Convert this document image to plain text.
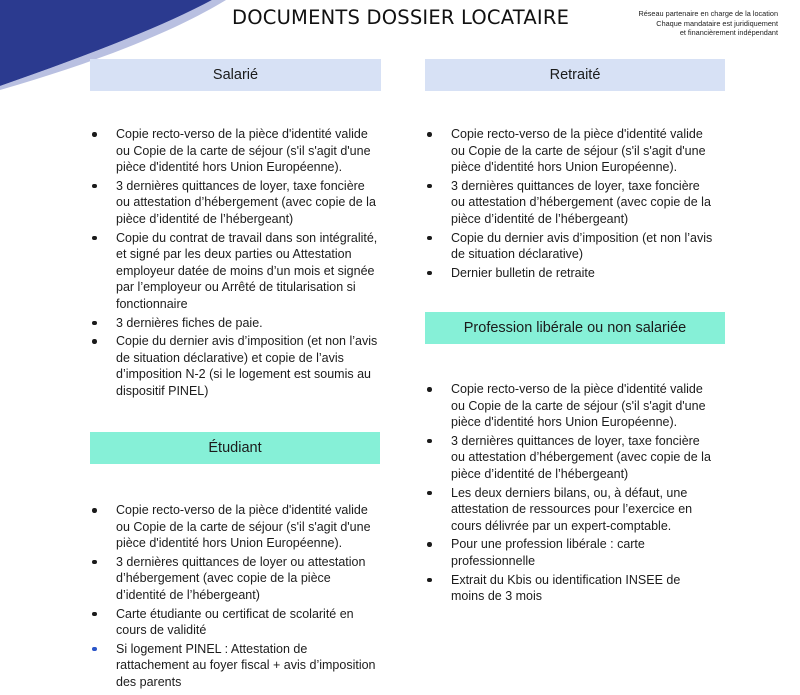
DOCUMENTS DOSSIER LOCATAIRE	Réseau partenaire en charge de la location
Chaque mandataire est juridiquement
et financièrement indépendant
Salarié
Copie recto-verso de la pièce d'identité valide ou Copie de la carte de séjour (s'il s'agit d'une pièce d'identité hors Union Européenne).
3 dernières quittances de loyer, taxe foncière ou attestation d’hébergement (avec copie de la pièce d’identité de l’hébergeant)
Copie du contrat de travail dans son intégralité, et signé par les deux parties ou Attestation employeur datée de moins d’un mois et signée par l’employeur ou Arrêté de titularisation si fonctionnaire
3 dernières fiches de paie.
Copie du dernier avis d’imposition (et non l’avis de situation déclarative) et copie de l’avis d’imposition N-2 (si le logement est soumis au dispositif PINEL)
Retraité
Copie recto-verso de la pièce d'identité valide ou Copie de la carte de séjour (s'il s'agit d'une pièce d'identité hors Union Européenne).
3 dernières quittances de loyer, taxe foncière ou attestation d’hébergement (avec copie de la pièce d’identité de l’hébergeant)
Copie du dernier avis d’imposition (et non l’avis de situation déclarative)
Dernier bulletin de retraite
Étudiant
Copie recto-verso de la pièce d'identité valide ou Copie de la carte de séjour (s'il s'agit d'une pièce d'identité hors Union Européenne).
3 dernières quittances de loyer ou attestation d’hébergement (avec copie de la pièce d’identité de l’hébergeant)
Carte étudiante ou certificat de scolarité en cours de validité
Si logement PINEL : Attestation de rattachement au foyer fiscal + avis d’imposition des parents
Profession libérale ou non salariée
Copie recto-verso de la pièce d'identité valide ou Copie de la carte de séjour (s'il s'agit d'une pièce d'identité hors Union Européenne).
3 dernières quittances de loyer, taxe foncière ou attestation d’hébergement (avec copie de la pièce d’identité de l’hébergeant)
Les deux derniers bilans, ou, à défaut, une attestation de ressources pour l’exercice en cours délivrée par un expert-comptable.
Pour une profession libérale : carte professionnelle
Extrait du Kbis ou identification INSEE de moins de 3 mois
